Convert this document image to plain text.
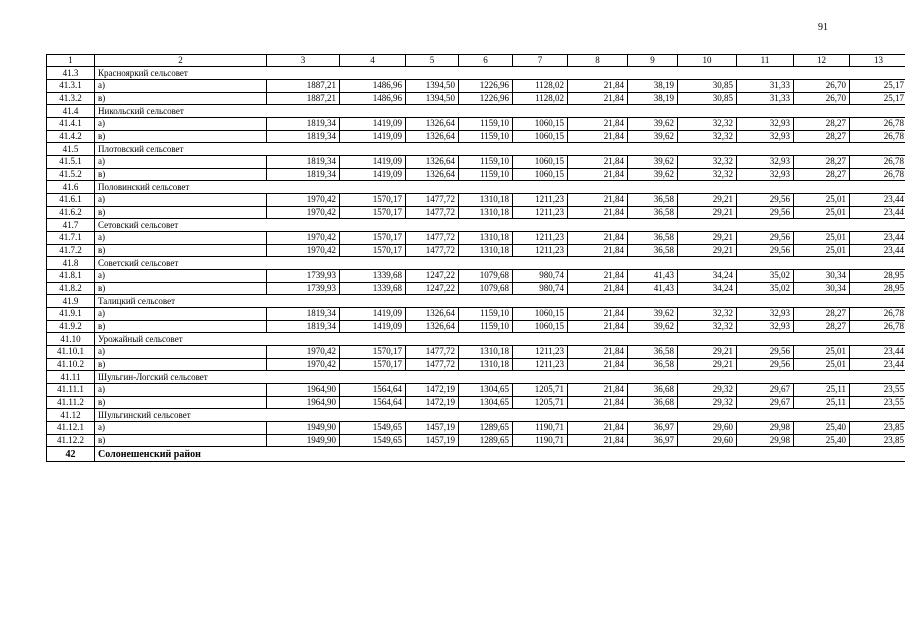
91
1	2	3	4	5	6	7	8	9	10	11	12	13
41.3	Краснояркий сельсовет											
41.3.1	а)	1887,21	1486,96	1394,50	1226,96	1128,02	21,84	38,19	30,85	31,33	26,70	25,17
41.3.2	в)	1887,21	1486,96	1394,50	1226,96	1128,02	21,84	38,19	30,85	31,33	26,70	25,17
41.4	Никольский сельсовет											
41.4.1	а)	1819,34	1419,09	1326,64	1159,10	1060,15	21,84	39,62	32,32	32,93	28,27	26,78
41.4.2	в)	1819,34	1419,09	1326,64	1159,10	1060,15	21,84	39,62	32,32	32,93	28,27	26,78
41.5	Плотовский сельсовет											
41.5.1	а)	1819,34	1419,09	1326,64	1159,10	1060,15	21,84	39,62	32,32	32,93	28,27	26,78
41.5.2	в)	1819,34	1419,09	1326,64	1159,10	1060,15	21,84	39,62	32,32	32,93	28,27	26,78
41.6	Половинский сельсовет											
41.6.1	а)	1970,42	1570,17	1477,72	1310,18	1211,23	21,84	36,58	29,21	29,56	25,01	23,44
41.6.2	в)	1970,42	1570,17	1477,72	1310,18	1211,23	21,84	36,58	29,21	29,56	25,01	23,44
41.7	Сетовский сельсовет											
41.7.1	а)	1970,42	1570,17	1477,72	1310,18	1211,23	21,84	36,58	29,21	29,56	25,01	23,44
41.7.2	в)	1970,42	1570,17	1477,72	1310,18	1211,23	21,84	36,58	29,21	29,56	25,01	23,44
41.8	Советский сельсовет											
41.8.1	а)	1739,93	1339,68	1247,22	1079,68	980,74	21,84	41,43	34,24	35,02	30,34	28,95
41.8.2	в)	1739,93	1339,68	1247,22	1079,68	980,74	21,84	41,43	34,24	35,02	30,34	28,95
41.9	Талицкий сельсовет											
41.9.1	а)	1819,34	1419,09	1326,64	1159,10	1060,15	21,84	39,62	32,32	32,93	28,27	26,78
41.9.2	в)	1819,34	1419,09	1326,64	1159,10	1060,15	21,84	39,62	32,32	32,93	28,27	26,78
41.10	Урожайный сельсовет											
41.10.1	а)	1970,42	1570,17	1477,72	1310,18	1211,23	21,84	36,58	29,21	29,56	25,01	23,44
41.10.2	в)	1970,42	1570,17	1477,72	1310,18	1211,23	21,84	36,58	29,21	29,56	25,01	23,44
41.11	Шульгин-Логский сельсовет											
41.11.1	а)	1964,90	1564,64	1472,19	1304,65	1205,71	21,84	36,68	29,32	29,67	25,11	23,55
41.11.2	в)	1964,90	1564,64	1472,19	1304,65	1205,71	21,84	36,68	29,32	29,67	25,11	23,55
41.12	Шульгинский сельсовет											
41.12.1	а)	1949,90	1549,65	1457,19	1289,65	1190,71	21,84	36,97	29,60	29,98	25,40	23,85
41.12.2	в)	1949,90	1549,65	1457,19	1289,65	1190,71	21,84	36,97	29,60	29,98	25,40	23,85
42	Солонешенский район											
